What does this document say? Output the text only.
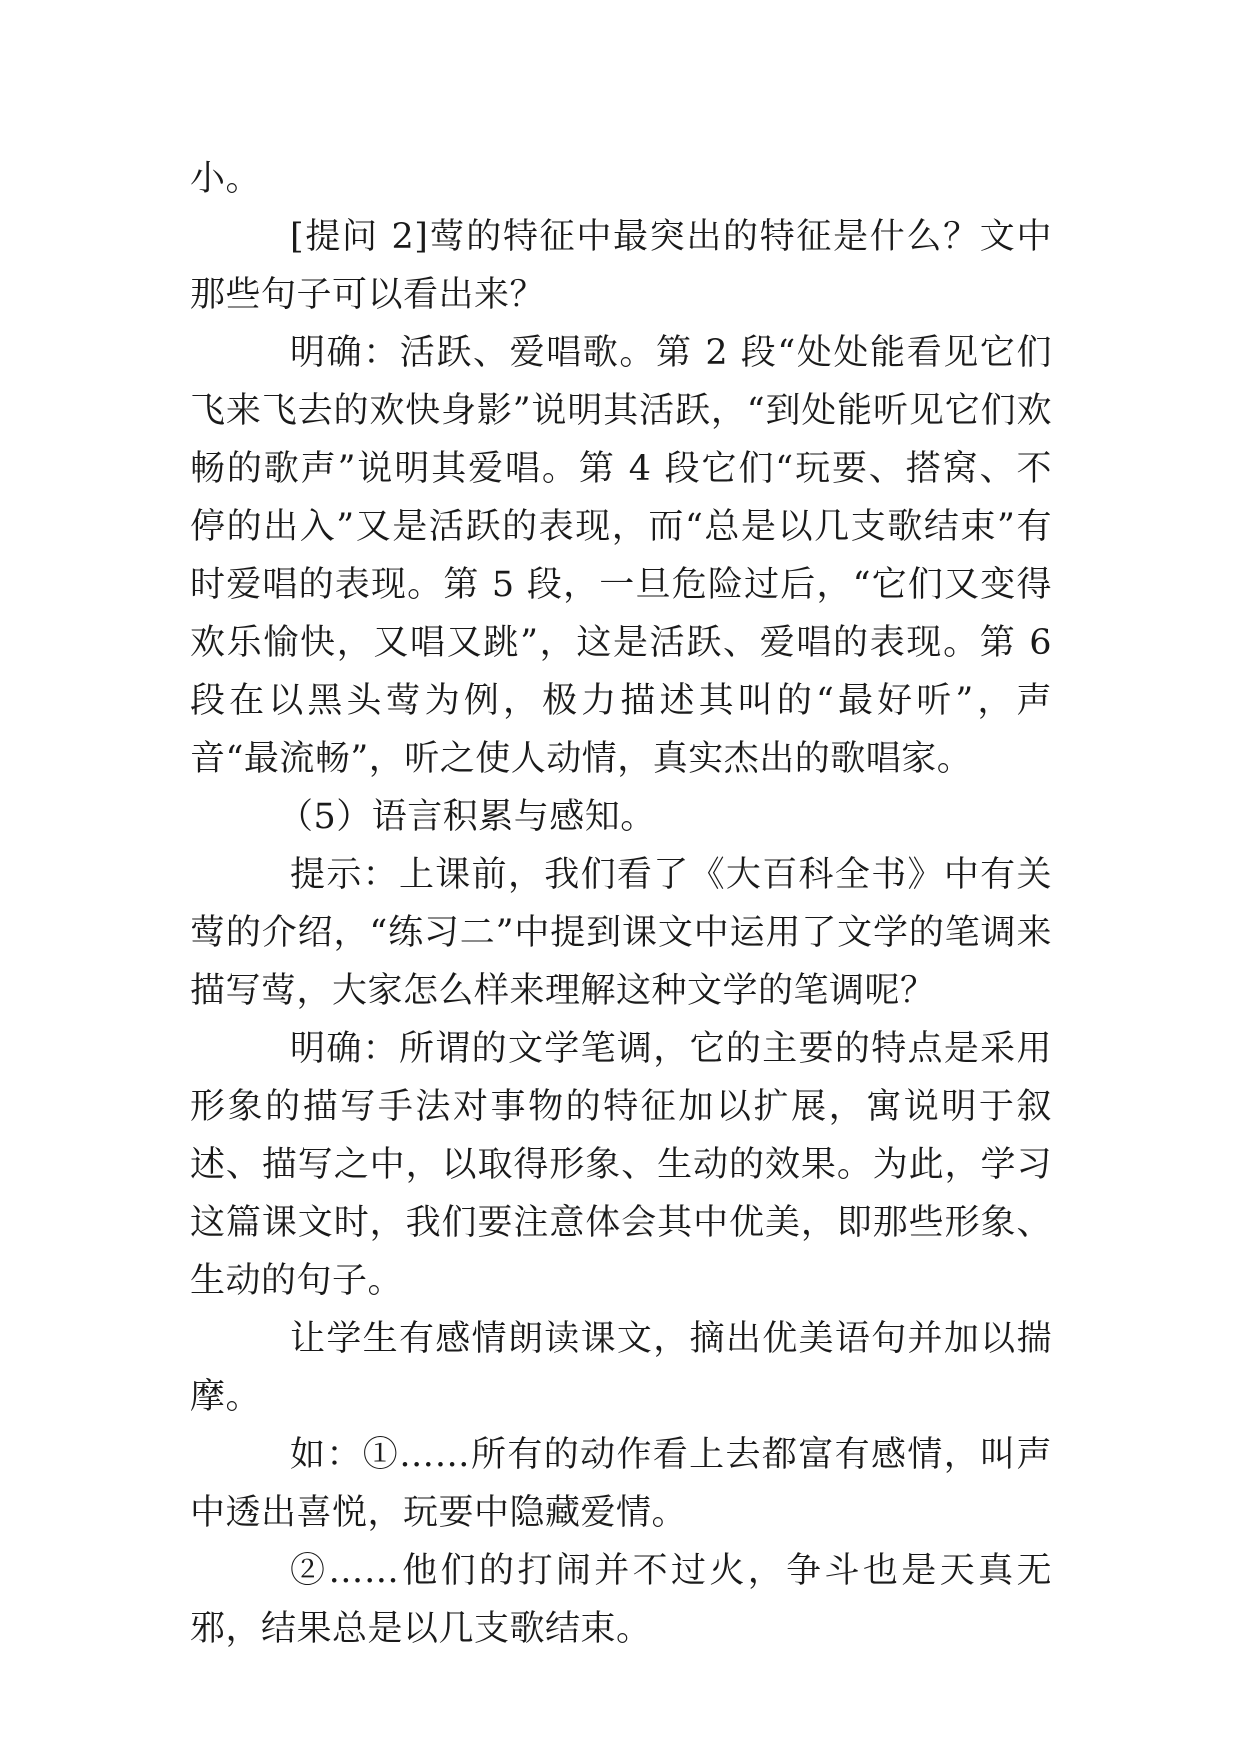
小。

[提问 2]莺的特征中最突出的特征是什么？文中那些句子可以看出来？

明确：活跃、爱唱歌。第 2 段“处处能看见它们飞来飞去的欢快身影”说明其活跃，“到处能听见它们欢畅的歌声”说明其爱唱。第 4 段它们“玩要、搭窝、不停的出入”又是活跃的表现，而“总是以几支歌结束”有时爱唱的表现。第 5 段，一旦危险过后，“它们又变得欢乐愉快，又唱又跳”，这是活跃、爱唱的表现。第 6 段在以黑头莺为例，极力描述其叫的“最好听”，声音“最流畅”，听之使人动情，真实杰出的歌唱家。

（5）语言积累与感知。

提示：上课前，我们看了《大百科全书》中有关莺的介绍，“练习二”中提到课文中运用了文学的笔调来描写莺，大家怎么样来理解这种文学的笔调呢？

明确：所谓的文学笔调，它的主要的特点是采用形象的描写手法对事物的特征加以扩展，寓说明于叙述、描写之中，以取得形象、生动的效果。为此，学习这篇课文时，我们要注意体会其中优美，即那些形象、生动的句子。

让学生有感情朗读课文，摘出优美语句并加以揣摩。

如：①……所有的动作看上去都富有感情，叫声中透出喜悦，玩要中隐藏爱情。

②……他们的打闹并不过火，争斗也是天真无邪，结果总是以几支歌结束。
